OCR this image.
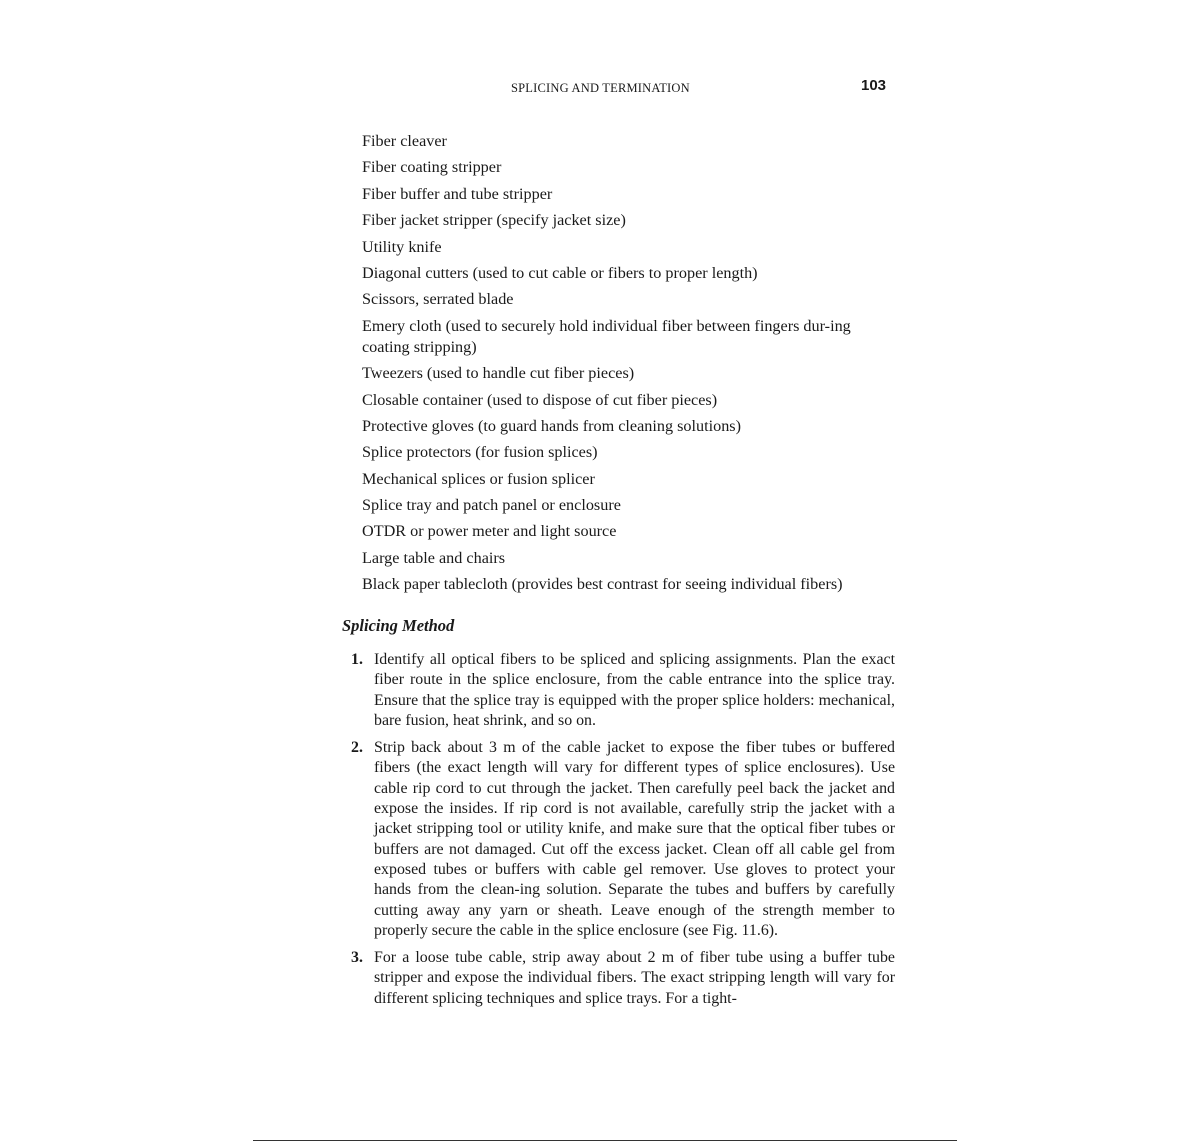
SPLICING AND TERMINATION	103
Fiber cleaver
Fiber coating stripper
Fiber buffer and tube stripper
Fiber jacket stripper (specify jacket size)
Utility knife
Diagonal cutters (used to cut cable or fibers to proper length)
Scissors, serrated blade
Emery cloth (used to securely hold individual fiber between fingers dur-ing coating stripping)
Tweezers (used to handle cut fiber pieces)
Closable container (used to dispose of cut fiber pieces)
Protective gloves (to guard hands from cleaning solutions)
Splice protectors (for fusion splices)
Mechanical splices or fusion splicer
Splice tray and patch panel or enclosure
OTDR or power meter and light source
Large table and chairs
Black paper tablecloth (provides best contrast for seeing individual fibers)
Splicing Method
1. Identify all optical fibers to be spliced and splicing assignments. Plan the exact fiber route in the splice enclosure, from the cable entrance into the splice tray. Ensure that the splice tray is equipped with the proper splice holders: mechanical, bare fusion, heat shrink, and so on.
2. Strip back about 3 m of the cable jacket to expose the fiber tubes or buffered fibers (the exact length will vary for different types of splice enclosures). Use cable rip cord to cut through the jacket. Then carefully peel back the jacket and expose the insides. If rip cord is not available, carefully strip the jacket with a jacket stripping tool or utility knife, and make sure that the optical fiber tubes or buffers are not damaged. Cut off the excess jacket. Clean off all cable gel from exposed tubes or buffers with cable gel remover. Use gloves to protect your hands from the clean-ing solution. Separate the tubes and buffers by carefully cutting away any yarn or sheath. Leave enough of the strength member to properly secure the cable in the splice enclosure (see Fig. 11.6).
3. For a loose tube cable, strip away about 2 m of fiber tube using a buffer tube stripper and expose the individual fibers. The exact stripping length will vary for different splicing techniques and splice trays. For a tight-
